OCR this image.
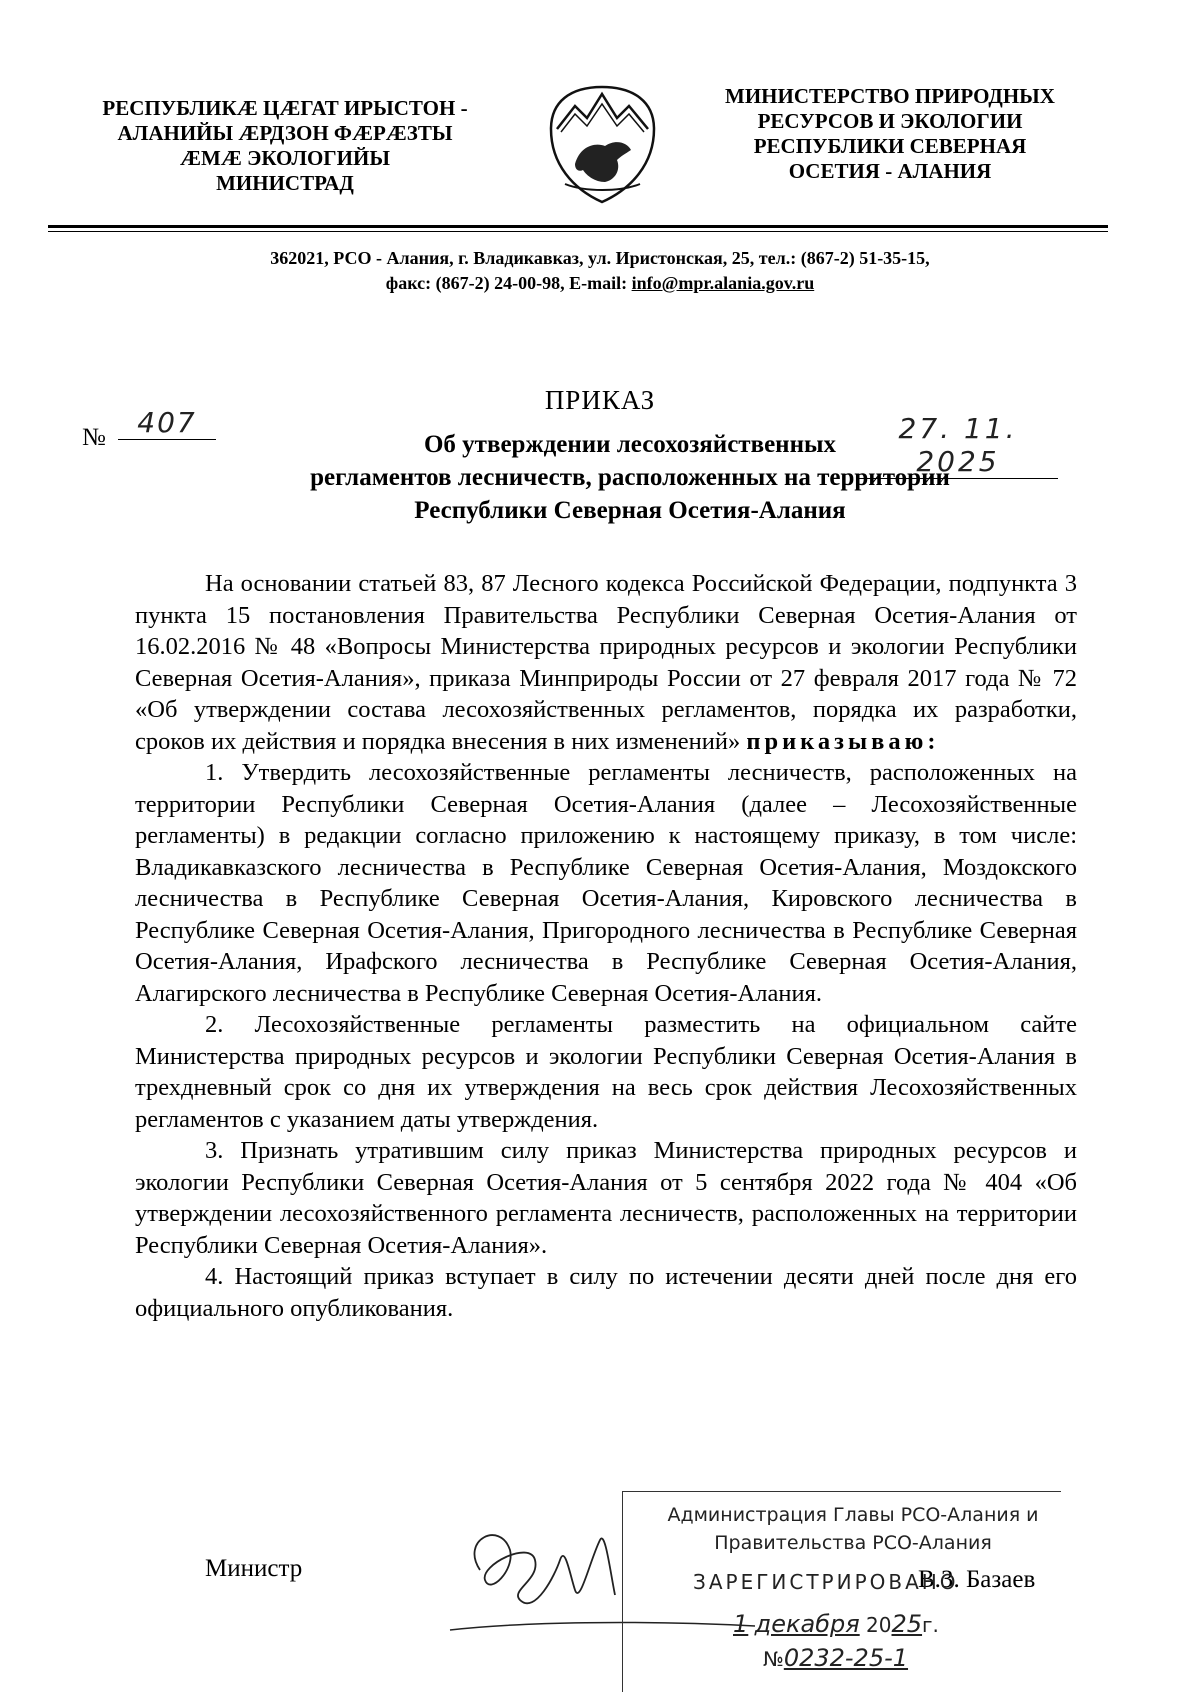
РЕСПУБЛИКÆ ЦÆГАТ ИРЫСТОН -
АЛАНИЙЫ ÆРДЗОН ФÆРÆЗТЫ
ÆМÆ ЭКОЛОГИЙЫ
МИНИСТРАД
МИНИСТЕРСТВО ПРИРОДНЫХ
РЕСУРСОВ И ЭКОЛОГИИ
РЕСПУБЛИКИ СЕВЕРНАЯ
ОСЕТИЯ - АЛАНИЯ
362021, РСО - Алания, г. Владикавказ, ул. Иристонская, 25, тел.: (867-2) 51-35-15,
факс: (867-2) 24-00-98, E-mail: info@mpr.alania.gov.ru
ПРИКАЗ
№	407	27. 11. 2025
Об утверждении лесохозяйственных
регламентов лесничеств, расположенных на территории
Республики Северная Осетия-Алания

На основании статьей 83, 87 Лесного кодекса Российской Федерации, подпункта 3 пункта 15 постановления Правительства Республики Северная Осетия-Алания от 16.02.2016 № 48 «Вопросы Министерства природных ресурсов и экологии Республики Северная Осетия-Алания», приказа Минприроды России от 27 февраля 2017 года № 72 «Об утверждении состава лесохозяйственных регламентов, порядка их разработки, сроков их действия и порядка внесения в них изменений» приказываю:

1. Утвердить лесохозяйственные регламенты лесничеств, расположенных на территории Республики Северная Осетия-Алания (далее – Лесохозяйственные регламенты) в редакции согласно приложению к настоящему приказу, в том числе: Владикавказского лесничества в Республике Северная Осетия-Алания, Моздокского лесничества в Республике Северная Осетия-Алания, Кировского лесничества в Республике Северная Осетия-Алания, Пригородного лесничества в Республике Северная Осетия-Алания, Ирафского лесничества в Республике Северная Осетия-Алания, Алагирского лесничества в Республике Северная Осетия-Алания.

2. Лесохозяйственные регламенты разместить на официальном сайте Министерства природных ресурсов и экологии Республики Северная Осетия-Алания в трехдневный срок со дня их утверждения на весь срок действия Лесохозяйственных регламентов с указанием даты утверждения.

3. Признать утратившим силу приказ Министерства природных ресурсов и экологии Республики Северная Осетия-Алания от 5 сентября 2022 года № 404 «Об утверждении лесохозяйственного регламента лесничеств, расположенных на территории Республики Северная Осетия-Алания».

4. Настоящий приказ вступает в силу по истечении десяти дней после дня его официального опубликования.

Министр	В.З. Базаев
Администрация Главы РСО-Алания и
Правительства РСО-Алания
ЗАРЕГИСТРИРОВАНО
1 декабря 2025г.
№0232-25-1
